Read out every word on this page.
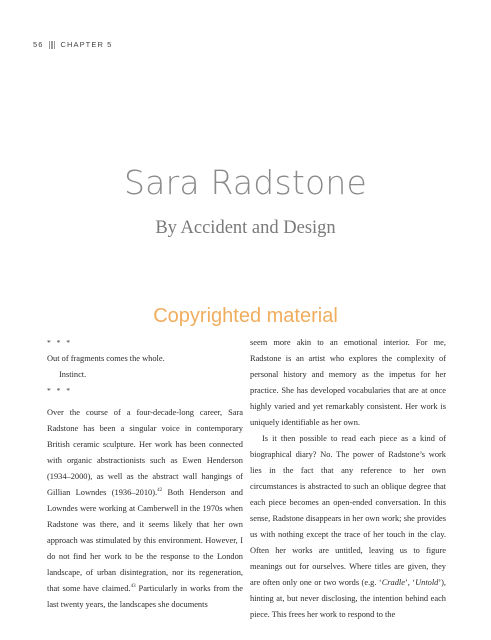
56 CHAPTER 5
Sara Radstone
By Accident and Design
Copyrighted material

* * *

Out of fragments comes the whole.

Instinct.

* * *

Over the course of a four-decade-long career, Sara Radstone has been a singular voice in contemporary British ceramic sculpture. Her work has been connected with organic abstractionists such as Ewen Henderson (1934–2000), as well as the abstract wall hangings of Gillian Lowndes (1936–2010).$^{42}$ Both Henderson and Lowndes were working at Camberwell in the 1970s when Radstone was there, and it seems likely that her own approach was stimulated by this environment. However, I do not find her work to be the response to the London landscape, of urban disintegration, nor its regeneration, that some have claimed.$^{43}$ Particularly in works from the last twenty years, the landscapes she documents

seem more akin to an emotional interior. For me, Radstone is an artist who explores the complexity of personal history and memory as the impetus for her practice. She has developed vocabularies that are at once highly varied and yet remarkably consistent. Her work is uniquely identifiable as her own.

Is it then possible to read each piece as a kind of biographical diary? No. The power of Radstone’s work lies in the fact that any reference to her own circumstances is abstracted to such an oblique degree that each piece becomes an open-ended conversation. In this sense, Radstone disappears in her own work; she provides us with nothing except the trace of her touch in the clay. Often her works are untitled, leaving us to figure meanings out for ourselves. Where titles are given, they are often only one or two words (e.g. ‘Cradle’, ‘Untold’), hinting at, but never disclosing, the intention behind each piece. This frees her work to respond to the
